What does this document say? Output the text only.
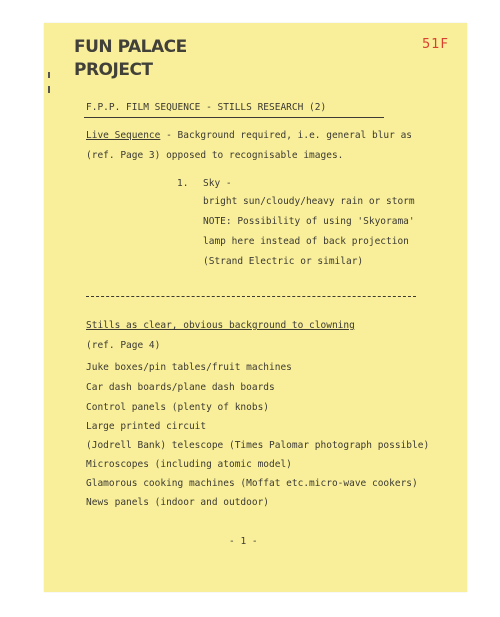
FUN PALACE
PROJECT
51F
F.P.P. FILM SEQUENCE - STILLS RESEARCH (2)
Live Sequence - Background required, i.e. general blur as
(ref. Page 3) opposed to recognisable images.
1. Sky -
bright sun/cloudy/heavy rain or storm
NOTE: Possibility of using 'Skyorama'
lamp here instead of back projection
(Strand Electric or similar)
Stills as clear, obvious background to clowning
(ref. Page 4)
Juke boxes/pin tables/fruit machines
Car dash boards/plane dash boards
Control panels (plenty of knobs)
Large printed circuit
(Jodrell Bank) telescope (Times Palomar photograph possible)
Microscopes (including atomic model)
Glamorous cooking machines (Moffat etc.micro-wave cookers)
News panels (indoor and outdoor)
- 1 -
